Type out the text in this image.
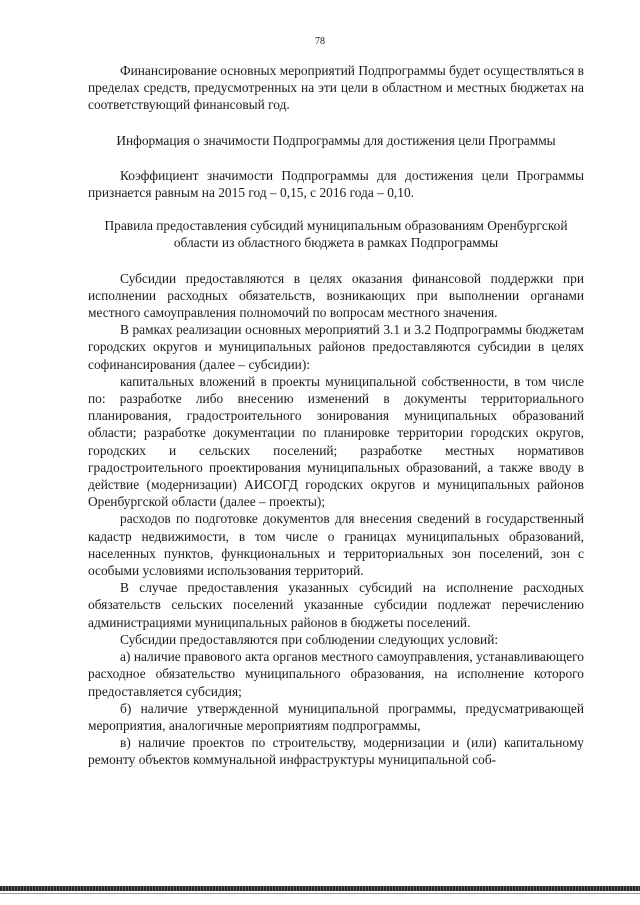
78

Финансирование основных мероприятий Подпрограммы будет осуществляться в пределах средств, предусмотренных на эти цели в областном и местных бюджетах на соответствующий финансовый год.

Информация о значимости Подпрограммы для достижения цели Программы

Коэффициент значимости Подпрограммы для достижения цели Программы признается равным на 2015 год – 0,15, с 2016 года – 0,10.

Правила предоставления субсидий муниципальным образованиям Оренбургской области из областного бюджета в рамках Подпрограммы

Субсидии предоставляются в целях оказания финансовой поддержки при исполнении расходных обязательств, возникающих при выполнении органами местного самоуправления полномочий по вопросам местного значения.

В рамках реализации основных мероприятий 3.1 и 3.2 Подпрограммы бюджетам городских округов и муниципальных районов предоставляются субсидии в целях софинансирования (далее – субсидии):

капитальных вложений в проекты муниципальной собственности, в том числе по: разработке либо внесению изменений в документы территориального планирования, градостроительного зонирования муниципальных образований области; разработке документации по планировке территории городских округов, городских и сельских поселений; разработке местных нормативов градостроительного проектирования муниципальных образований, а также вводу в действие (модернизации) АИСОГД городских округов и муниципальных районов Оренбургской области (далее – проекты);

расходов по подготовке документов для внесения сведений в государственный кадастр недвижимости, в том числе о границах муниципальных образований, населенных пунктов, функциональных и территориальных зон поселений, зон с особыми условиями использования территорий.

В случае предоставления указанных субсидий на исполнение расходных обязательств сельских поселений указанные субсидии подлежат перечислению администрациями муниципальных районов в бюджеты поселений.

Субсидии предоставляются при соблюдении следующих условий:

а) наличие правового акта органов местного самоуправления, устанавливающего расходное обязательство муниципального образования, на исполнение которого предоставляется субсидия;

б) наличие утвержденной муниципальной программы, предусматривающей мероприятия, аналогичные мероприятиям подпрограммы,

в) наличие проектов по строительству, модернизации и (или) капитальному ремонту объектов коммунальной инфраструктуры муниципальной соб-
